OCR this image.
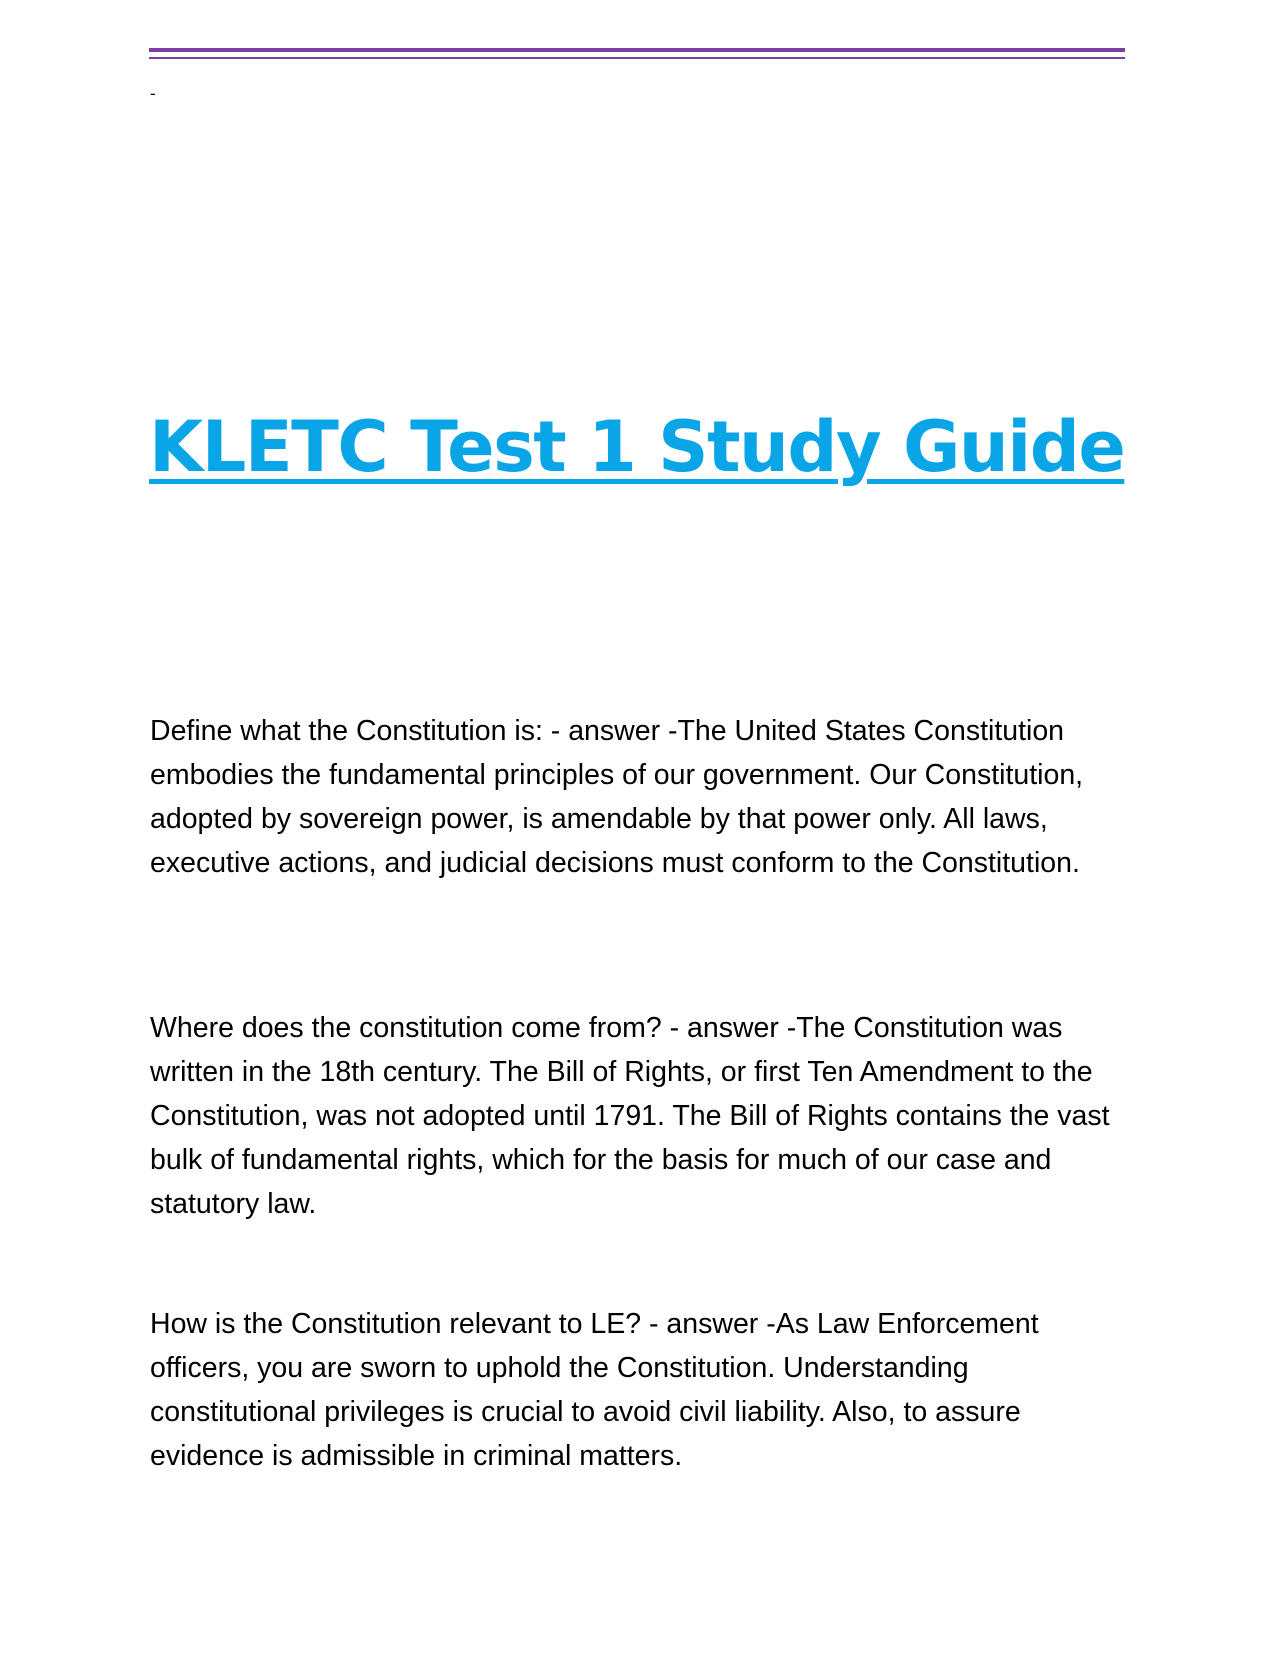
-
KLETC Test 1 Study Guide

Define what the Constitution is: - answer -The United States Constitution embodies the fundamental principles of our government. Our Constitution, adopted by sovereign power, is amendable by that power only. All laws, executive actions, and judicial decisions must conform to the Constitution.

Where does the constitution come from? - answer -The Constitution was written in the 18th century. The Bill of Rights, or first Ten Amendment to the Constitution, was not adopted until 1791. The Bill of Rights contains the vast bulk of fundamental rights, which for the basis for much of our case and statutory law.

How is the Constitution relevant to LE? - answer -As Law Enforcement officers, you are sworn to uphold the Constitution. Understanding constitutional privileges is crucial to avoid civil liability. Also, to assure evidence is admissible in criminal matters.
